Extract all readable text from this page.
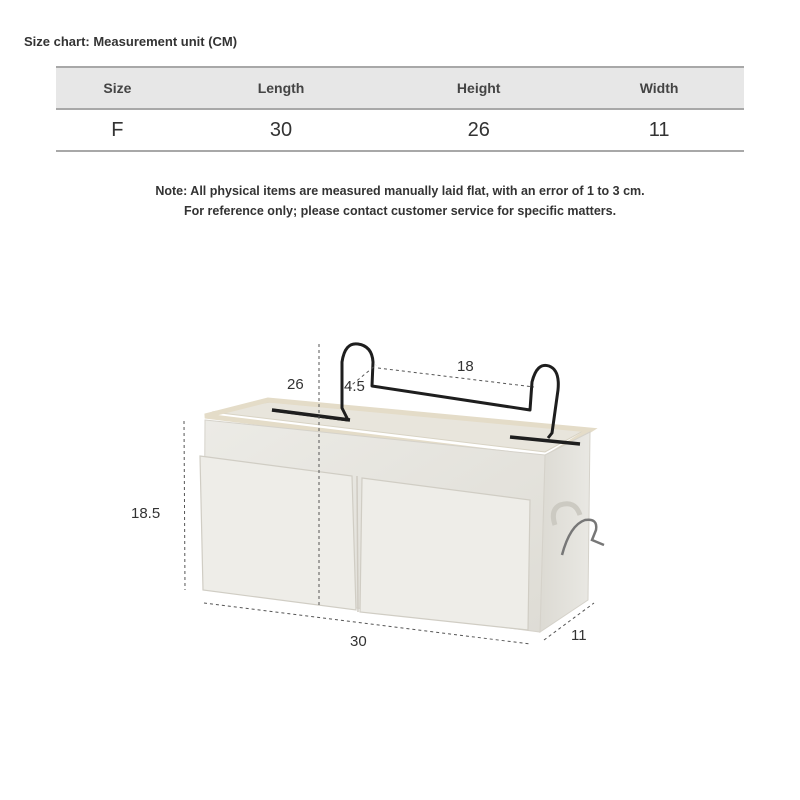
Size chart: Measurement unit (CM)
Size	Length	Height	Width
F	30	26	11
Note: All physical items are measured manually laid flat, with an error of 1 to 3 cm.
For reference only; please contact customer service for specific matters.
26	4.5
18
18.5
30	11
